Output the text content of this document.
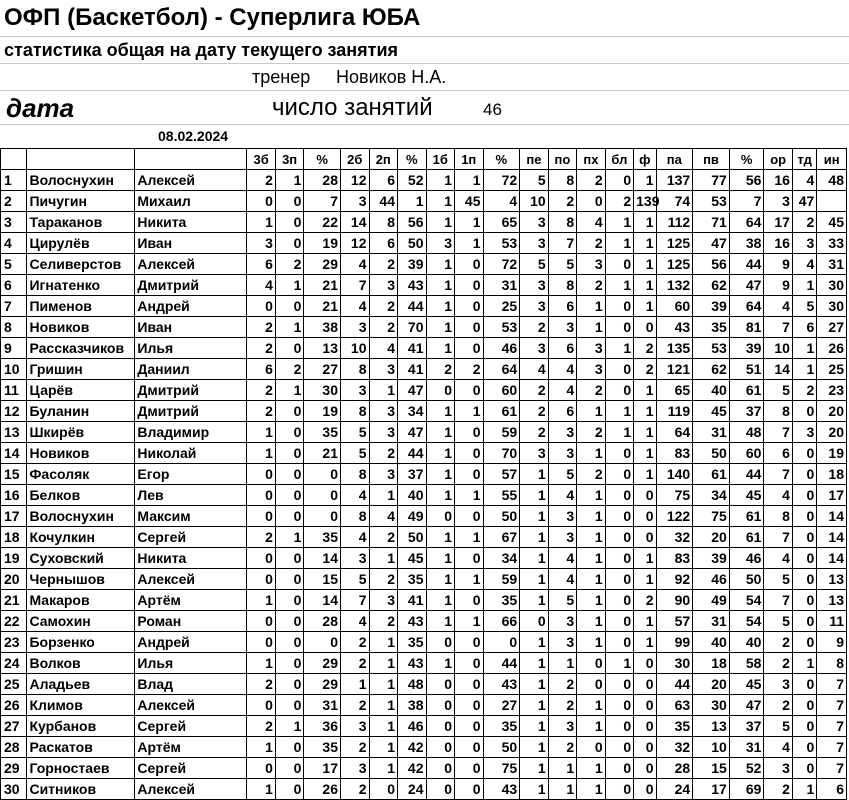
ОФП (Баскетбол) - Суперлига ЮБА
статистика общая на дату текущего занятия
тренер Новиков Н.А.
дата	число занятий	46
08.02.2024
			3б	3п	%	2б	2п	%	1б	1п	%	пе	по	пх	бл	ф	па	пв	%	ор	тд	ин
1	Волоснухин	Алексей	2	1	28	12	6	52	1	1	72	5	8	2	0	1	137	77	56	16	4	48
2	Пичугин	Михаил	0	0	7	3	44	1	1	45	4	10	2	0	2	139	74	53	7	3	47	
3	Тараканов	Никита	1	0	22	14	8	56	1	1	65	3	8	4	1	1	112	71	64	17	2	45
4	Цирулёв	Иван	3	0	19	12	6	50	3	1	53	3	7	2	1	1	125	47	38	16	3	33
5	Селиверстов	Алексей	6	2	29	4	2	39	1	0	72	5	5	3	0	1	125	56	44	9	4	31
6	Игнатенко	Дмитрий	4	1	21	7	3	43	1	0	31	3	8	2	1	1	132	62	47	9	1	30
7	Пименов	Андрей	0	0	21	4	2	44	1	0	25	3	6	1	0	1	60	39	64	4	5	30
8	Новиков	Иван	2	1	38	3	2	70	1	0	53	2	3	1	0	0	43	35	81	7	6	27
9	Рассказчиков	Илья	2	0	13	10	4	41	1	0	46	3	6	3	1	2	135	53	39	10	1	26
10	Гришин	Даниил	6	2	27	8	3	41	2	2	64	4	4	3	0	2	121	62	51	14	1	25
11	Царёв	Дмитрий	2	1	30	3	1	47	0	0	60	2	4	2	0	1	65	40	61	5	2	23
12	Буланин	Дмитрий	2	0	19	8	3	34	1	1	61	2	6	1	1	1	119	45	37	8	0	20
13	Шкирёв	Владимир	1	0	35	5	3	47	1	0	59	2	3	2	1	1	64	31	48	7	3	20
14	Новиков	Николай	1	0	21	5	2	44	1	0	70	3	3	1	0	1	83	50	60	6	0	19
15	Фасоляк	Егор	0	0	0	8	3	37	1	0	57	1	5	2	0	1	140	61	44	7	0	18
16	Белков	Лев	0	0	0	4	1	40	1	1	55	1	4	1	0	0	75	34	45	4	0	17
17	Волоснухин	Максим	0	0	0	8	4	49	0	0	50	1	3	1	0	0	122	75	61	8	0	14
18	Кочулкин	Сергей	2	1	35	4	2	50	1	1	67	1	3	1	0	0	32	20	61	7	0	14
19	Суховский	Никита	0	0	14	3	1	45	1	0	34	1	4	1	0	1	83	39	46	4	0	14
20	Чернышов	Алексей	0	0	15	5	2	35	1	1	59	1	4	1	0	1	92	46	50	5	0	13
21	Макаров	Артём	1	0	14	7	3	41	1	0	35	1	5	1	0	2	90	49	54	7	0	13
22	Самохин	Роман	0	0	28	4	2	43	1	1	66	0	3	1	0	1	57	31	54	5	0	11
23	Борзенко	Андрей	0	0	0	2	1	35	0	0	0	1	3	1	0	1	99	40	40	2	0	9
24	Волков	Илья	1	0	29	2	1	43	1	0	44	1	1	0	1	0	30	18	58	2	1	8
25	Аладьев	Влад	2	0	29	1	1	48	0	0	43	1	2	0	0	0	44	20	45	3	0	7
26	Климов	Алексей	0	0	31	2	1	38	0	0	27	1	2	1	0	0	63	30	47	2	0	7
27	Курбанов	Сергей	2	1	36	3	1	46	0	0	35	1	3	1	0	0	35	13	37	5	0	7
28	Раскатов	Артём	1	0	35	2	1	42	0	0	50	1	2	0	0	0	32	10	31	4	0	7
29	Горностаев	Сергей	0	0	17	3	1	42	0	0	75	1	1	1	0	0	28	15	52	3	0	7
30	Ситников	Алексей	1	0	26	2	0	24	0	0	43	1	1	1	0	0	24	17	69	2	1	6
